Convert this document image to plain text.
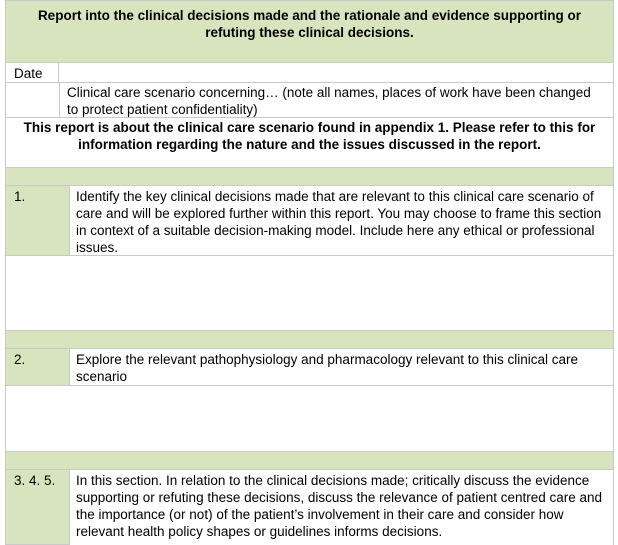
Report into the clinical decisions made and the rationale and evidence supporting or refuting these clinical decisions.
Date
Clinical care scenario concerning… (note all names, places of work have been changed to protect patient confidentiality)
This report is about the clinical care scenario found in appendix 1. Please refer to this for information regarding the nature and the issues discussed in the report.
1.	Identify the key clinical decisions made that are relevant to this clinical care scenario of care and will be explored further within this report. You may choose to frame this section in context of a suitable decision-making model. Include here any ethical or professional issues.
2.	Explore the relevant pathophysiology and pharmacology relevant to this clinical care scenario
3. 4. 5. In this section. In relation to the clinical decisions made; critically discuss the evidence supporting or refuting these decisions, discuss the relevance of patient centred care and the importance (or not) of the patient’s involvement in their care and consider how relevant health policy shapes or guidelines informs decisions.
